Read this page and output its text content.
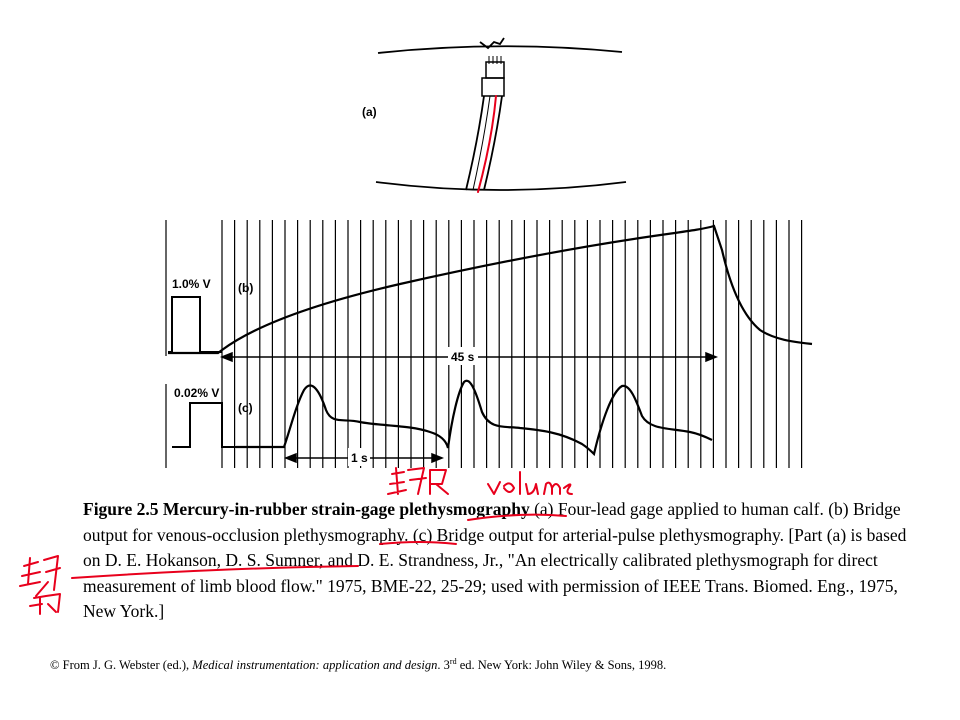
(a)
1.0% V
0.02% V
(b)
(c)
45 s
1 s

Figure 2.5 Mercury-in-rubber strain-gage plethysmography (a) Four-lead gage applied to human calf. (b) Bridge output for venous-occlusion plethysmography. (c) Bridge output for arterial-pulse plethysmography. [Part (a) is based on D. E. Hokanson, D. S. Sumner, and D. E. Strandness, Jr., "An electrically calibrated plethysmograph for direct measurement of limb blood flow." 1975, BME-22, 25-29; used with permission of IEEE Trans. Biomed. Eng., 1975, New York.]

© From J. G. Webster (ed.), Medical instrumentation: application and design. 3rd ed. New York: John Wiley & Sons, 1998.
